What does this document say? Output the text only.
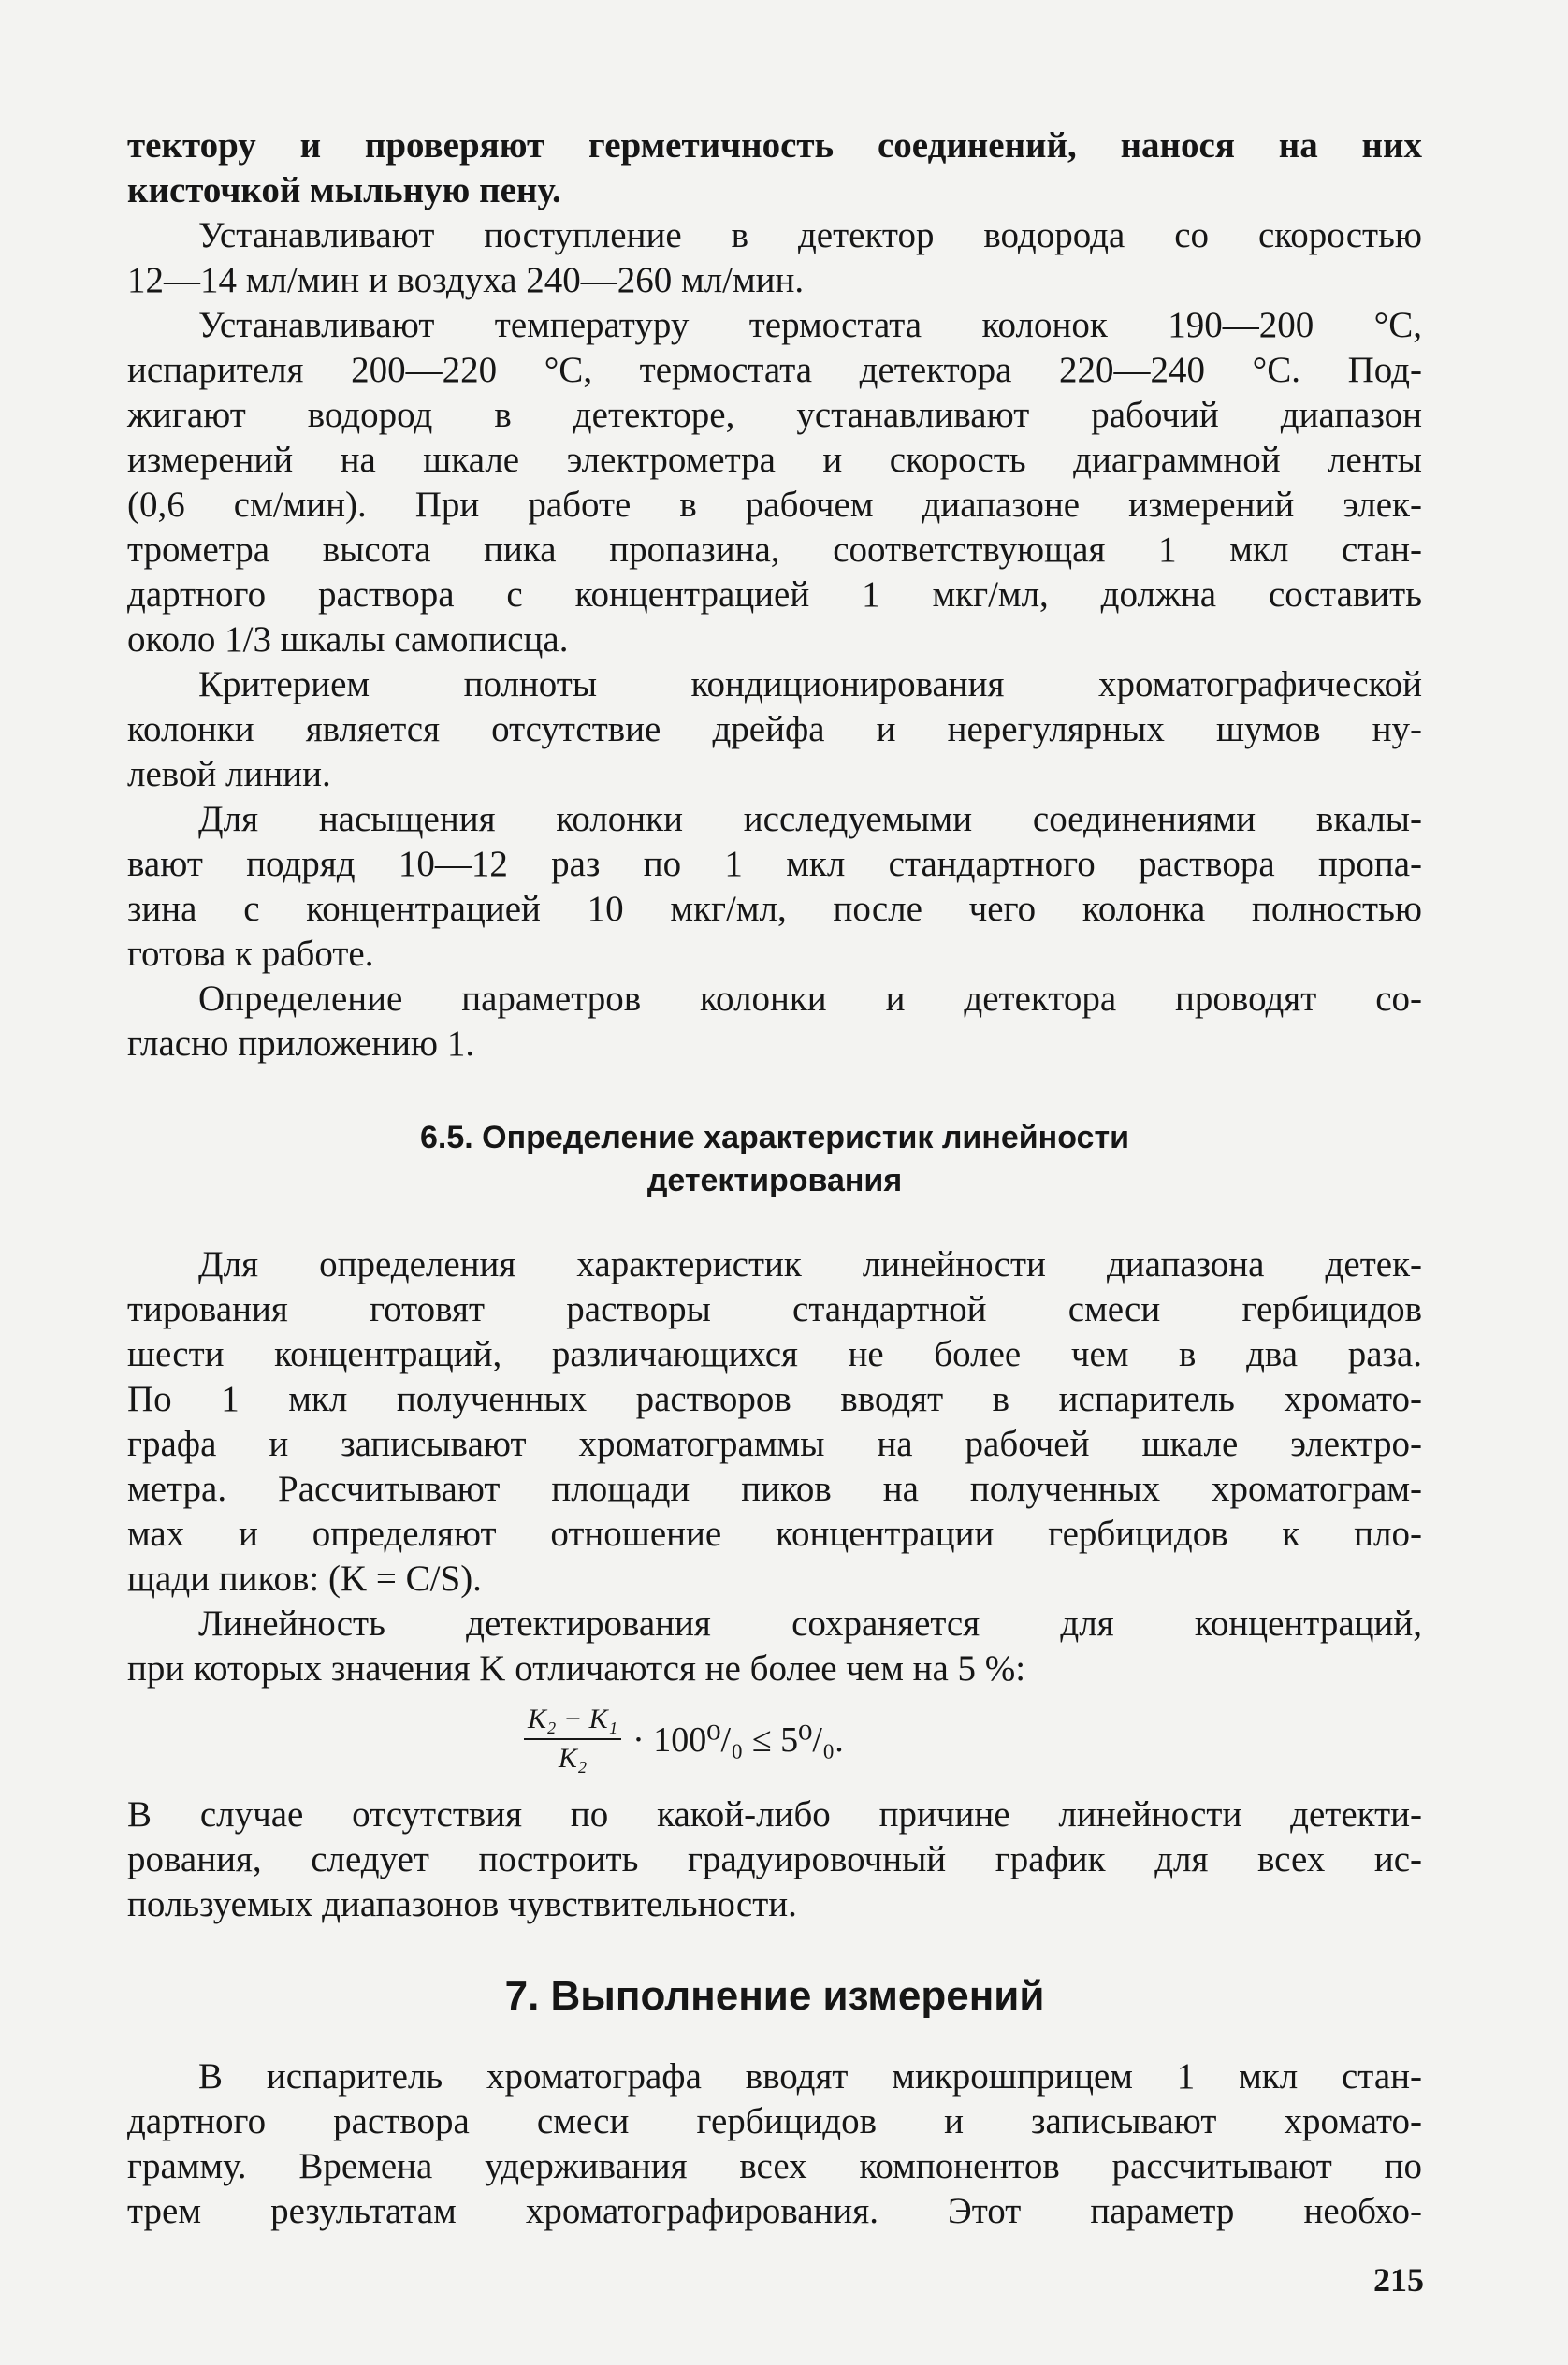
тектору и проверяют герметичность соединений, нанося на них

кисточкой мыльную пену.

Устанавливают поступление в детектор водорода со скоростью

12—14 мл/мин и воздуха 240—260 мл/мин.

Устанавливают температуру термостата колонок 190—200 °С,

испарителя 200—220 °С, термостата детектора 220—240 °С. Под-

жигают водород в детекторе, устанавливают рабочий диапазон

измерений на шкале электрометра и скорость диаграммной ленты

(0,6 см/мин). При работе в рабочем диапазоне измерений элек-

трометра высота пика пропазина, соответствующая 1 мкл стан-

дартного раствора с концентрацией 1 мкг/мл, должна составить

около 1/3 шкалы самописца.

Критерием полноты кондиционирования хроматографической

колонки является отсутствие дрейфа и нерегулярных шумов ну-

левой линии.

Для насыщения колонки исследуемыми соединениями вкалы-

вают подряд 10—12 раз по 1 мкл стандартного раствора пропа-

зина с концентрацией 10 мкг/мл, после чего колонка полностью

готова к работе.

Определение параметров колонки и детектора проводят со-

гласно приложению 1.

6.5. Определение характеристик линейности

детектирования

Для определения характеристик линейности диапазона детек-

тирования готовят растворы стандартной смеси гербицидов

шести концентраций, различающихся не более чем в два раза.

По 1 мкл полученных растворов вводят в испаритель хромато-

графа и записывают хроматограммы на рабочей шкале электро-

метра. Рассчитывают площади пиков на полученных хроматограм-

мах и определяют отношение концентрации гербицидов к пло-

щади пиков: (K = C/S).

Линейность детектирования сохраняется для концентраций,

при которых значения K отличаются не более чем на 5 %:

$\frac{\text{K₂ − K₁}}{\text{K₂}} \cdot 100^0/_0 \le 5^0/_0$.

В случае отсутствия по какой-либо причине линейности детекти-

рования, следует построить градуировочный график для всех ис-

пользуемых диапазонов чувствительности.

7. Выполнение измерений

В испаритель хроматографа вводят микрошприцем 1 мкл стан-

дартного раствора смеси гербицидов и записывают хромато-

грамму. Времена удерживания всех компонентов рассчитывают по

трем результатам хроматографирования. Этот параметр необхо-

215
